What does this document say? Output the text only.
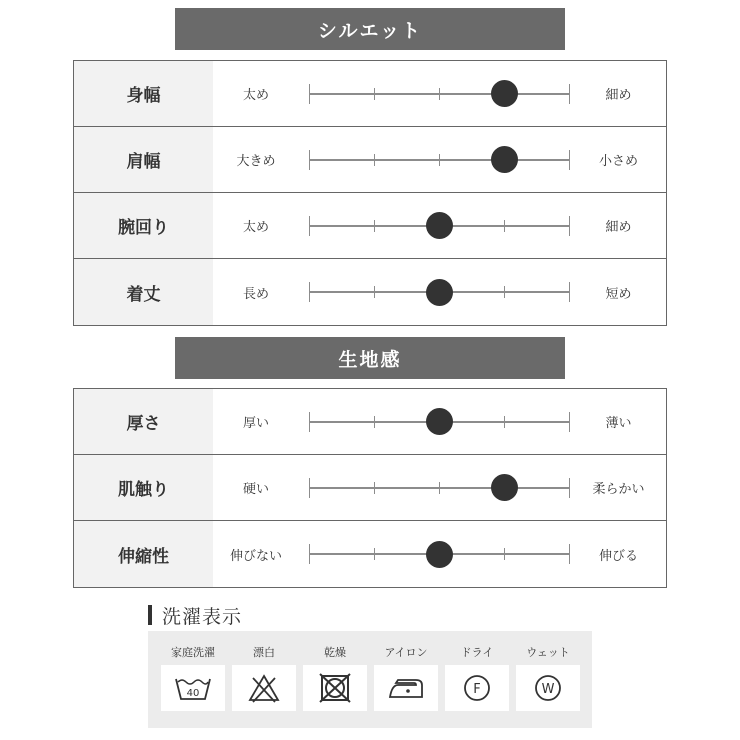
シルエット
身幅	太め	細め
肩幅	大きめ	小さめ
腕回り	太め	細め
着丈	長め	短め
生地感
厚さ	厚い	薄い
肌触り	硬い	柔らかい
伸縮性	伸びない	伸びる
洗濯表示
家庭洗濯
40
漂白	乾燥	アイロン	ドライ
F
ウェット
W
